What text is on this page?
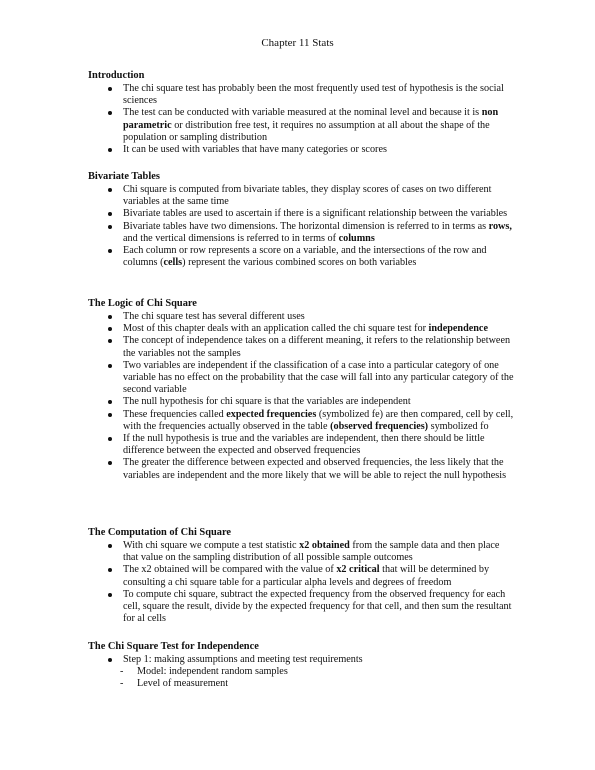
Chapter 11 Stats
Introduction
The chi square test has probably been the most frequently used test of hypothesis is the social sciences
The test can be conducted with variable measured at the nominal level and because it is non parametric or distribution free test, it requires no assumption at all about the shape of the population or sampling distribution
It can be used with variables that have many categories or scores
Bivariate Tables
Chi square is computed from bivariate tables, they display scores of cases on two different variables at the same time
Bivariate tables are used to ascertain if there is a significant relationship between the variables
Bivariate tables have two dimensions. The horizontal dimension is referred to in terms as rows, and the vertical dimensions is referred to in terms of columns
Each column or row represents a score on a variable, and the intersections of the row and columns (cells) represent the various combined scores on both variables
The Logic of Chi Square
The chi square test has several different uses
Most of this chapter deals with an application called the chi square test for independence
The concept of independence takes on a different meaning, it refers to the relationship between the variables not the samples
Two variables are independent if the classification of a case into a particular category of one variable has no effect on the probability that the case will fall into any particular category of the second variable
The null hypothesis for chi square is that the variables are independent
These frequencies called expected frequencies (symbolized fe) are then compared, cell by cell, with the frequencies actually observed in the table (observed frequencies) symbolized fo
If the null hypothesis is true and the variables are independent, then there should be little difference between the expected and observed frequencies
The greater the difference between expected and observed frequencies, the less likely that the variables are independent and the more likely that we will be able to reject the null hypothesis
The Computation of Chi Square
With chi square we compute a test statistic x2 obtained from the sample data and then place that value on the sampling distribution of all possible sample outcomes
The x2 obtained will be compared with the value of x2 critical that will be determined by consulting a chi square table for a particular alpha levels and degrees of freedom
To compute chi square, subtract the expected frequency from the observed frequency for each cell, square the result, divide by the expected frequency for that cell, and then sum the resultant for al cells
The Chi Square Test for Independence
Step 1: making assumptions and meeting test requirements
- Model: independent random samples
- Level of measurement
